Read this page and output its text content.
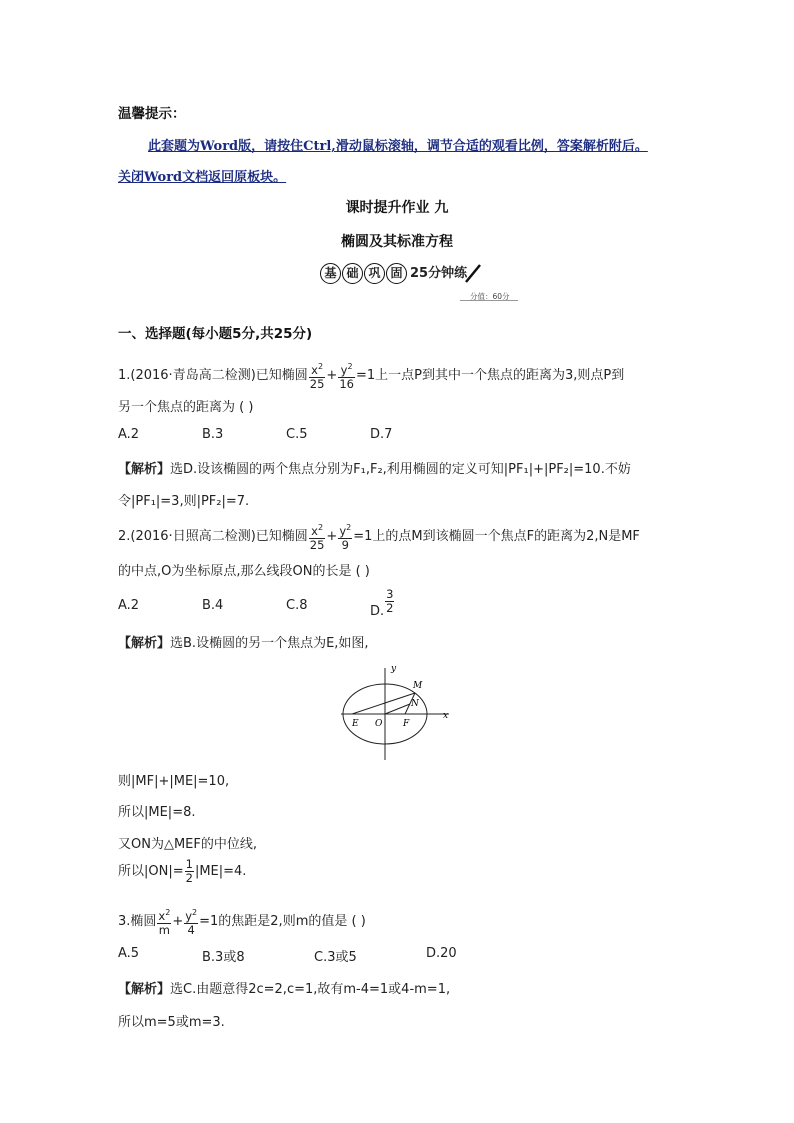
温馨提示：
此套题为Word版，请按住Ctrl,滑动鼠标滚轴，调节合适的观看比例，答案解析附后。
关闭Word文档返回原板块。
课时提升作业 九
椭圆及其标准方程
基 础 巩 固 25分钟练
分值：60分
一、选择题(每小题5分,共25分)
1.(2016·青岛高二检测)已知椭圆 $\frac{x^2}{25} + \frac{y^2}{16} =1$上一点P到其中一个焦点的距离为3,则点P到
另一个焦点的距离为 ( )
A.2	B.3	C.5	D.7
【解析】选D.设该椭圆的两个焦点分别为F₁,F₂,利用椭圆的定义可知|PF₁|+|PF₂|=10.不妨
令|PF₁|=3,则|PF₂|=7.
2.(2016·日照高二检测)已知椭圆 $\frac{x^2}{25} + \frac{y^2}{9} =1$上的点M到该椭圆一个焦点F的距离为2,N是MF
的中点,O为坐标原点,那么线段ON的长是 ( )
A.2	B.4	C.8	D. $\frac{3}{2}$
【解析】选B.设椭圆的另一个焦点为E,如图,
y
M
N
E O F
x
则|MF|+|ME|=10,
所以|ME|=8.
又ON为△MEF的中位线,
所以$|ON|= \frac{1}{2} |ME|=4$.
3.椭圆 $\frac{x^2}{m} + \frac{y^2}{4} =1$的焦距是2,则m的值是 ( )
A.5	B.3或8	C.3或5	D.20
【解析】选C.由题意得2c=2,c=1,故有m-4=1或4-m=1,
所以m=5或m=3.
